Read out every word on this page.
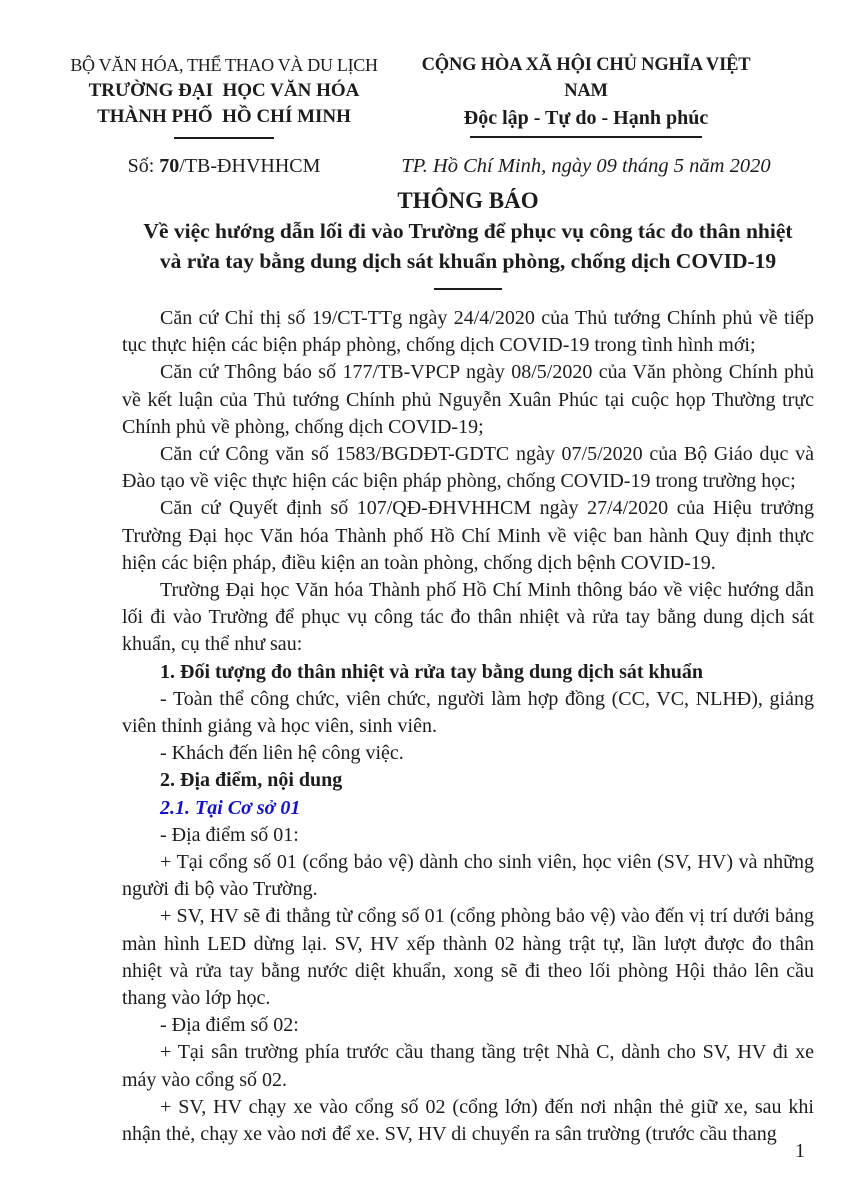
BỘ VĂN HÓA, THỂ THAO VÀ DU LỊCH
TRƯỜNG ĐẠI  HỌC VĂN HÓA
THÀNH PHỐ  HỒ CHÍ MINH
Số: 70/TB-ĐHVHHCM
CỘNG HÒA XÃ HỘI CHỦ NGHĨA VIỆT NAM
Độc lập - Tự do - Hạnh phúc
TP. Hồ Chí Minh, ngày 09 tháng 5 năm 2020
THÔNG BÁO
Về việc hướng dẫn lối đi vào Trường để phục vụ công tác đo thân nhiệt
và rửa tay bằng dung dịch sát khuẩn phòng, chống dịch COVID-19

Căn cứ Chỉ thị số 19/CT-TTg ngày 24/4/2020 của Thủ tướng Chính phủ về tiếp tục thực hiện các biện pháp phòng, chống dịch COVID-19 trong tình hình mới;

Căn cứ Thông báo số 177/TB-VPCP ngày 08/5/2020 của Văn phòng Chính phủ về kết luận của Thủ tướng Chính phủ Nguyễn Xuân Phúc tại cuộc họp Thường trực Chính phủ về phòng, chống dịch COVID-19;

Căn cứ Công văn số 1583/BGDĐT-GDTC ngày 07/5/2020 của Bộ Giáo dục và Đào tạo về việc thực hiện các biện pháp phòng, chống COVID-19 trong trường học;

Căn cứ Quyết định số 107/QĐ-ĐHVHHCM ngày 27/4/2020 của Hiệu trưởng Trường Đại học Văn hóa Thành phố Hồ Chí Minh về việc ban hành Quy định thực hiện các biện pháp, điều kiện an toàn phòng, chống dịch bệnh COVID-19.

Trường Đại học Văn hóa Thành phố Hồ Chí Minh thông báo về việc hướng dẫn lối đi vào Trường để phục vụ công tác đo thân nhiệt và rửa tay bằng dung dịch sát khuẩn, cụ thể như sau:

1. Đối tượng đo thân nhiệt và rửa tay bằng dung dịch sát khuẩn

- Toàn thể công chức, viên chức, người làm hợp đồng (CC, VC, NLHĐ), giảng viên thỉnh giảng và học viên, sinh viên.

- Khách đến liên hệ công việc.

2. Địa điểm, nội dung

2.1. Tại Cơ sở 01

- Địa điểm số 01:

+ Tại cổng số 01 (cổng bảo vệ) dành cho sinh viên, học viên (SV, HV) và những người đi bộ vào Trường.

+ SV, HV sẽ đi thẳng từ cổng số 01 (cổng phòng bảo vệ) vào đến vị trí dưới bảng màn hình LED dừng lại. SV, HV xếp thành 02 hàng trật tự, lần lượt được đo thân nhiệt và rửa tay bằng nước diệt khuẩn, xong sẽ đi theo lối phòng Hội thảo lên cầu thang vào lớp học.

- Địa điểm số 02:

+ Tại sân trường phía trước cầu thang tầng trệt Nhà C, dành cho SV, HV đi xe máy vào cổng số 02.

+ SV, HV chạy xe vào cổng số 02 (cổng lớn) đến nơi nhận thẻ giữ xe, sau khi nhận thẻ, chạy xe vào nơi để xe. SV, HV di chuyển ra sân trường (trước cầu thang

1
